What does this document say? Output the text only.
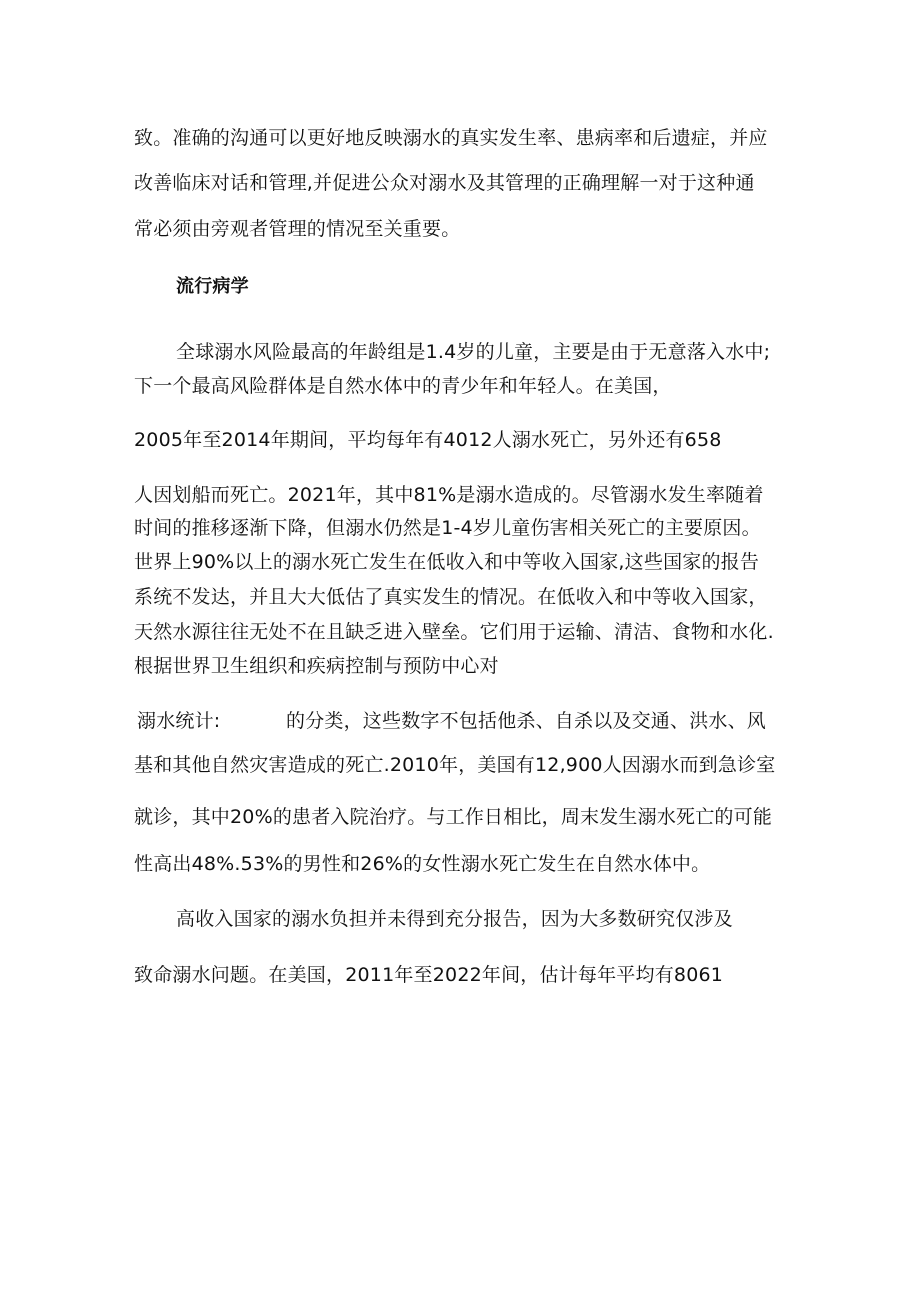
致。准确的沟通可以更好地反映溺水的真实发生率、患病率和后遗症，并应
改善临床对话和管理,并促进公众对溺水及其管理的正确理解一对于这种通
常必须由旁观者管理的情况至关重要。
流行病学
全球溺水风险最高的年龄组是1.4岁的儿童，主要是由于无意落入水中;
下一个最高风险群体是自然水体中的青少年和年轻人。在美国，
2005年至2014年期间，平均每年有4012人溺水死亡，另外还有658
人因划船而死亡。2021年，其中81%是溺水造成的。尽管溺水发生率随着
时间的推移逐渐下降，但溺水仍然是1-4岁儿童伤害相关死亡的主要原因。
世界上90%以上的溺水死亡发生在低收入和中等收入国家,这些国家的报告
系统不发达，并且大大低估了真实发生的情况。在低收入和中等收入国家，
天然水源往往无处不在且缺乏进入壁垒。它们用于运输、清洁、食物和水化.
根据世界卫生组织和疾病控制与预防中心对
溺水统计:	的分类，这些数字不包括他杀、自杀以及交通、洪水、风
基和其他自然灾害造成的死亡.2010年，美国有12,900人因溺水而到急诊室
就诊，其中20%的患者入院治疗。与工作日相比，周末发生溺水死亡的可能
性高出48%.53%的男性和26%的女性溺水死亡发生在自然水体中。
高收入国家的溺水负担并未得到充分报告，因为大多数研究仅涉及
致命溺水问题。在美国，2011年至2022年间，估计每年平均有8061
